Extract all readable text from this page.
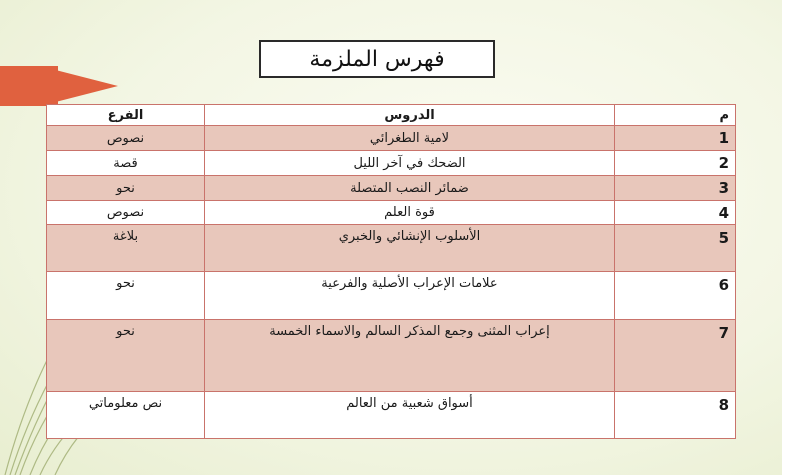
فهرس الملزمة
م	الدروس	الفرع
1	لامية الطغرائي	نصوص
2	الضحك في آخر الليل	قصة
3	ضمائر النصب المتصلة	نحو
4	قوة العلم	نصوص
5	الأسلوب الإنشائي والخبري	بلاغة
6	علامات الإعراب الأصلية والفرعية	نحو
7	إعراب المثنى وجمع المذكر السالم والاسماء الخمسة	نحو
8	أسواق شعبية من العالم	نص معلوماتي
